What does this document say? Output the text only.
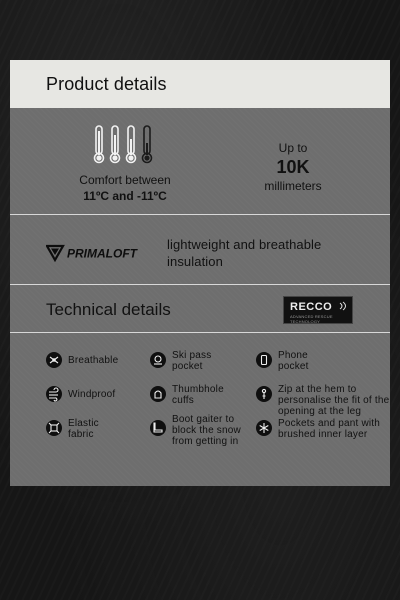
Product details
Comfort between
11ºC and -11ºC
Up to
10K
millimeters
PRIMALOFT
lightweight and breathable insulation
Technical details	RECCO
ADVANCED RESCUE TECHNOLOGY
Breathable	Ski pass pocket
Phone pocket
Windproof	Thumbhole cuffs
Zip at the hem to personalise the fit of the opening at the leg
Elastic fabric
Boot gaiter to block the snow from getting in
Pockets and pant with brushed inner layer
